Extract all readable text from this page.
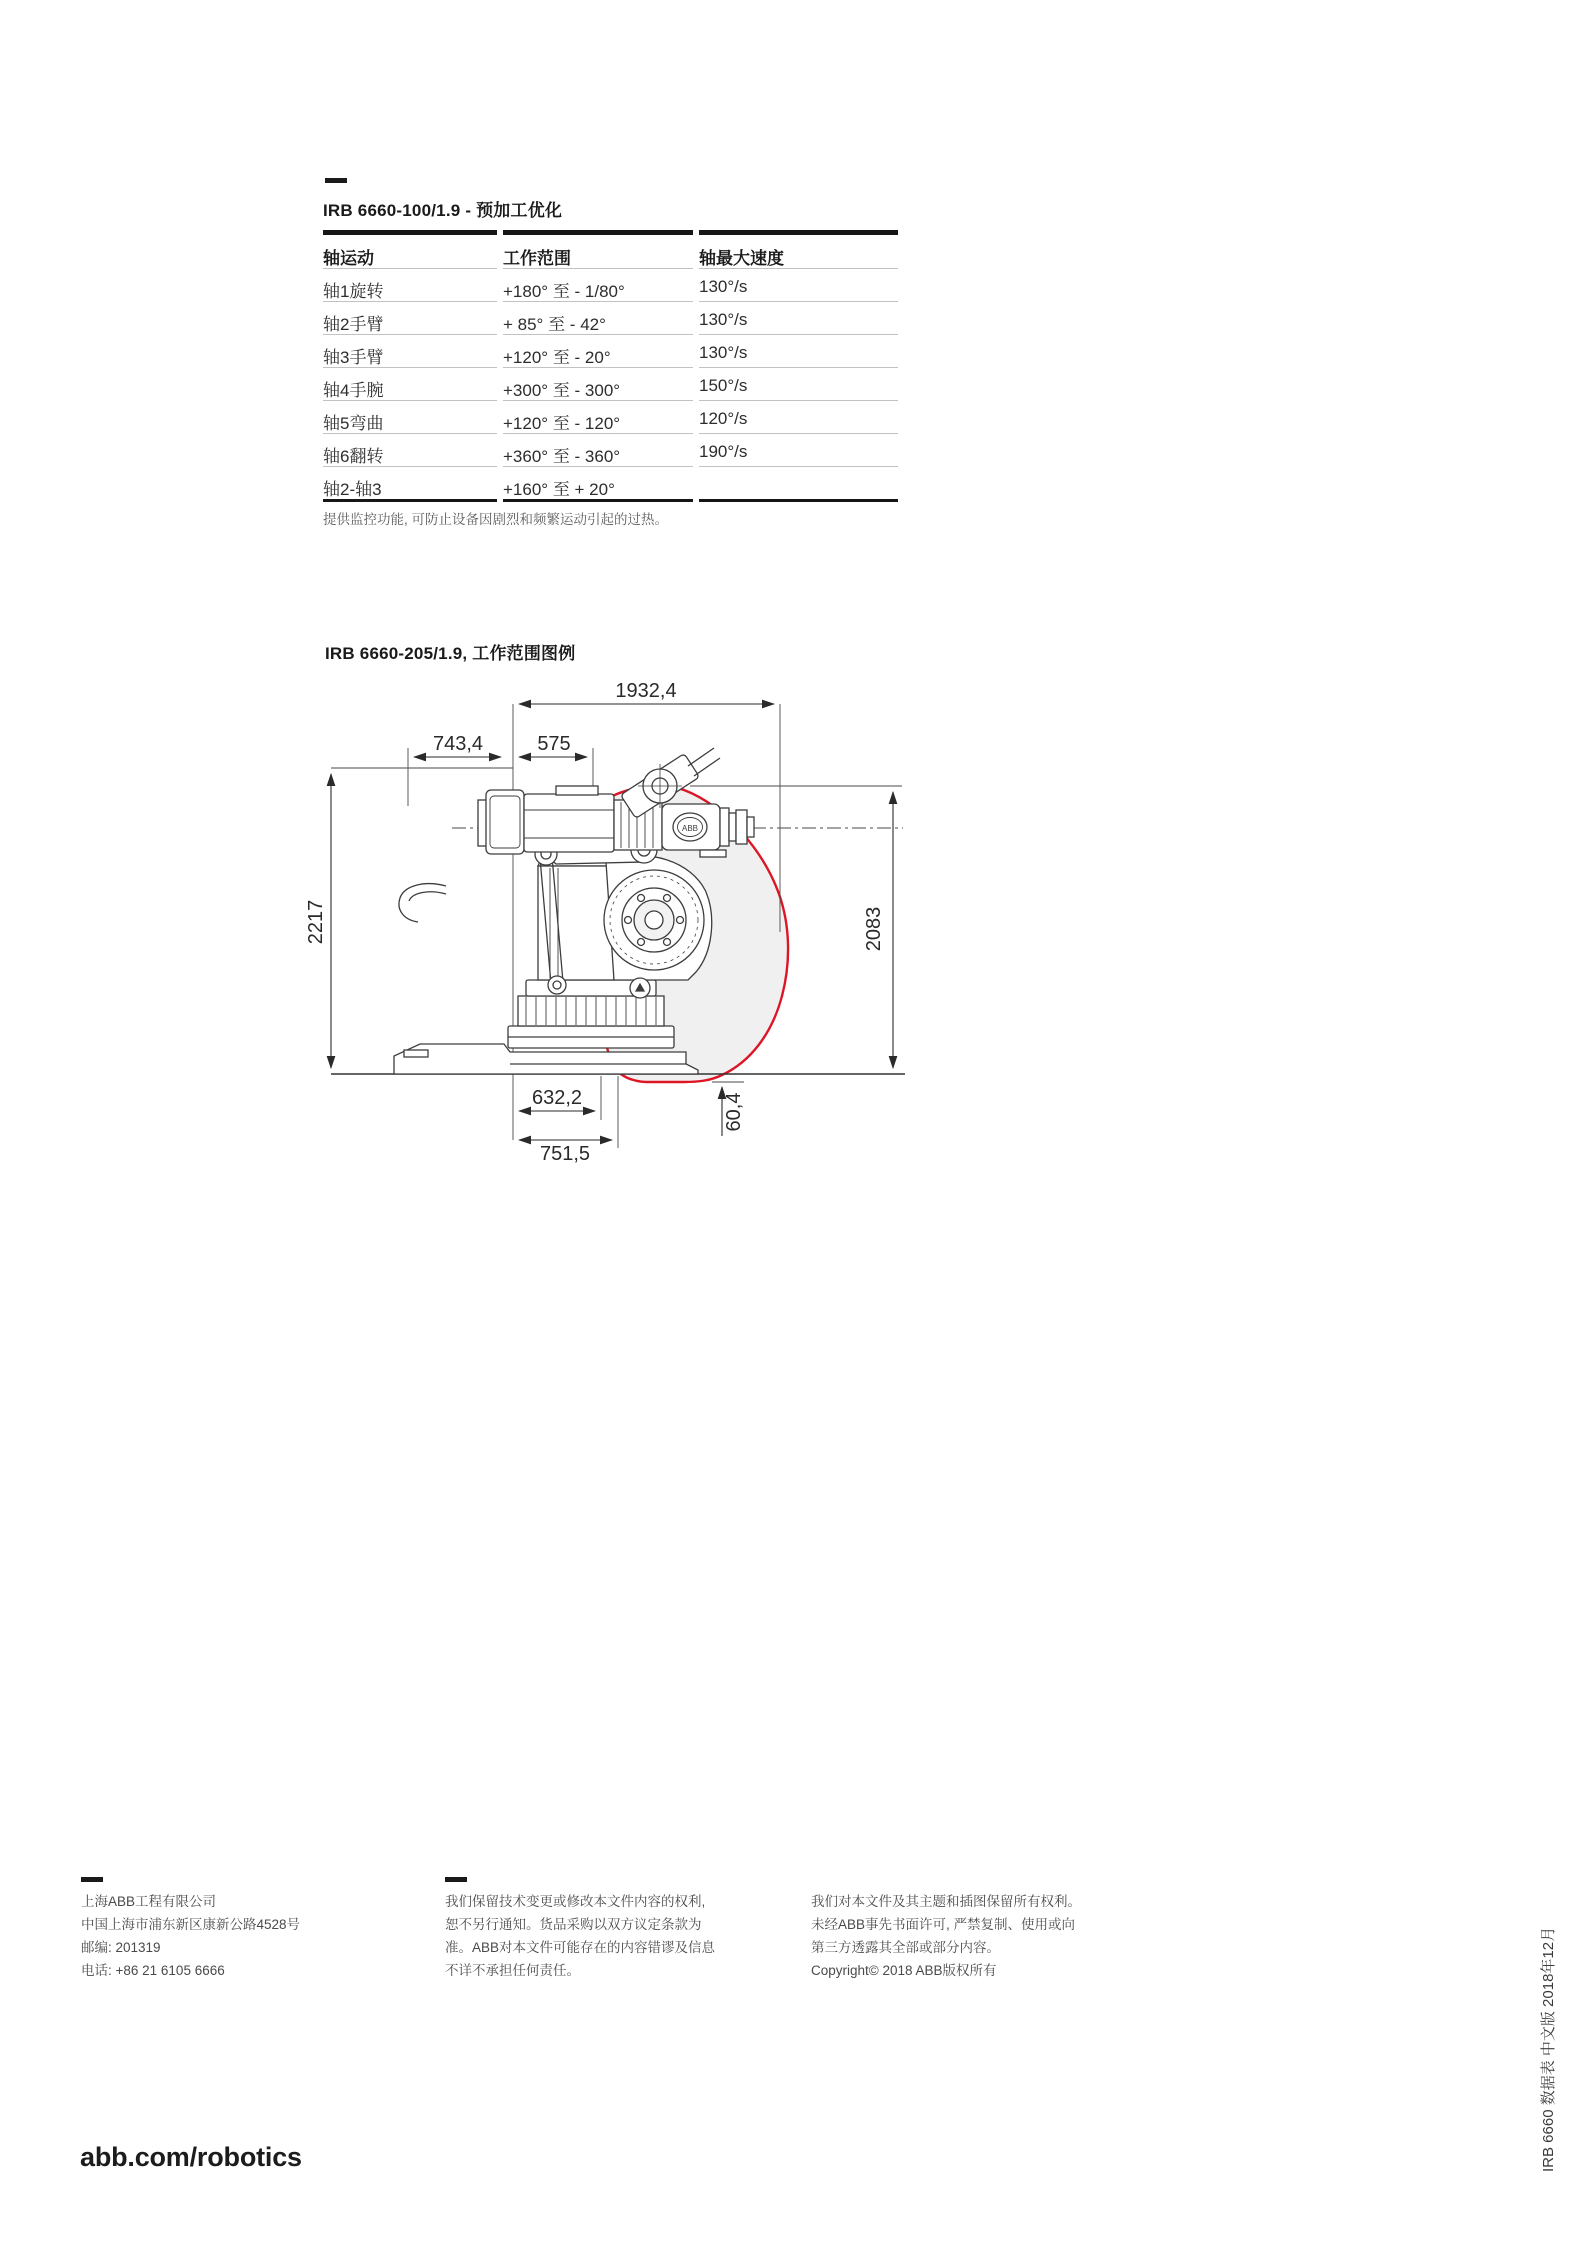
IRB 6660-100/1.9 - 预加工优化
轴运动	工作范围	轴最大速度
轴1旋转	+180° 至 - 1/80°	130°/s
轴2手臂	+ 85° 至 - 42°	130°/s
轴3手臂	+120° 至 - 20°	130°/s
轴4手腕	+300° 至 - 300°	150°/s
轴5弯曲	+120° 至 - 120°	120°/s
轴6翻转	+360° 至 - 360°	190°/s
轴2-轴3	+160° 至 + 20°
提供监控功能, 可防止设备因剧烈和频繁运动引起的过热。
IRB 6660-205/1.9, 工作范围图例
ABB
1932,4
743,4	575
2217	2083
632,2
751,5
60,4
上海ABB工程有限公司
中国上海市浦东新区康新公路4528号
邮编: 201319
电话: +86 21 6105 6666
我们保留技术变更或修改本文件内容的权利,
恕不另行通知。货品采购以双方议定条款为
准。ABB对本文件可能存在的内容错谬及信息
不详不承担任何责任。
我们对本文件及其主题和插图保留所有权利。
未经ABB事先书面许可, 严禁复制、使用或向
第三方透露其全部或部分内容。
Copyright© 2018 ABB版权所有	IRB 6660 数据表 中文版 2018年12月
abb.com/robotics
